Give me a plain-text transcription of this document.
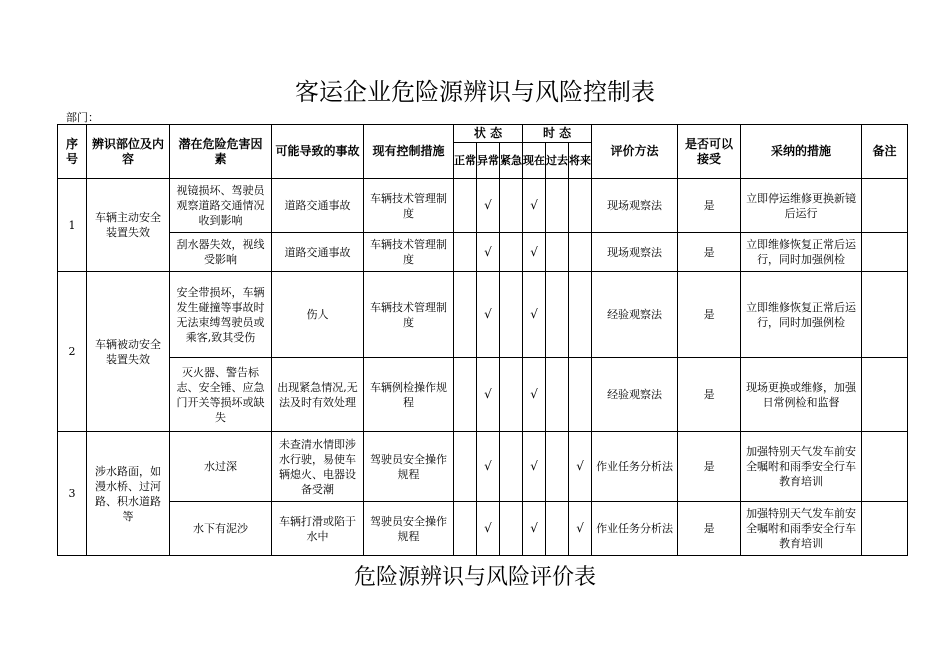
客运企业危险源辨识与风险控制表
部门：
序号	辨识部位及内容	潜在危险危害因素	可能导致的事故	现有控制措施	状 态			时 态			评价方法	是否可以接受	采纳的措施	备注
					正常	异常	紧急	现在	过去	将来				
1	车辆主动安全装置失效	视镜损坏、驾驶员观察道路交通情况收到影响	道路交通事故	车辆技术管理制度		√		√			现场观察法	是	立即停运维修更换新镜后运行	
		刮水器失效，视线受影响	道路交通事故	车辆技术管理制度		√		√			现场观察法	是	立即维修恢复正常后运行，同时加强例检	
2	车辆被动安全装置失效	安全带损坏，车辆发生碰撞等事故时无法束缚驾驶员或乘客,致其受伤	伤人	车辆技术管理制度		√		√			经验观察法	是	立即维修恢复正常后运行，同时加强例检	
		灭火器、警告标志、安全锤、应急门开关等损坏或缺失	出现紧急情况,无法及时有效处理	车辆例检操作规程		√		√			经验观察法	是	现场更换或维修，加强日常例检和监督	
3	涉水路面，如漫水桥、过河路、积水道路等	水过深	未查清水情即涉水行驶，易使车辆熄火、电器设备受潮	驾驶员安全操作规程		√		√		√	作业任务分析法	是	加强特别天气发车前安全嘱咐和雨季安全行车教育培训	
		水下有泥沙	车辆打滑或陷于水中	驾驶员安全操作规程		√		√		√	作业任务分析法	是	加强特别天气发车前安全嘱咐和雨季安全行车教育培训	
危险源辨识与风险评价表
